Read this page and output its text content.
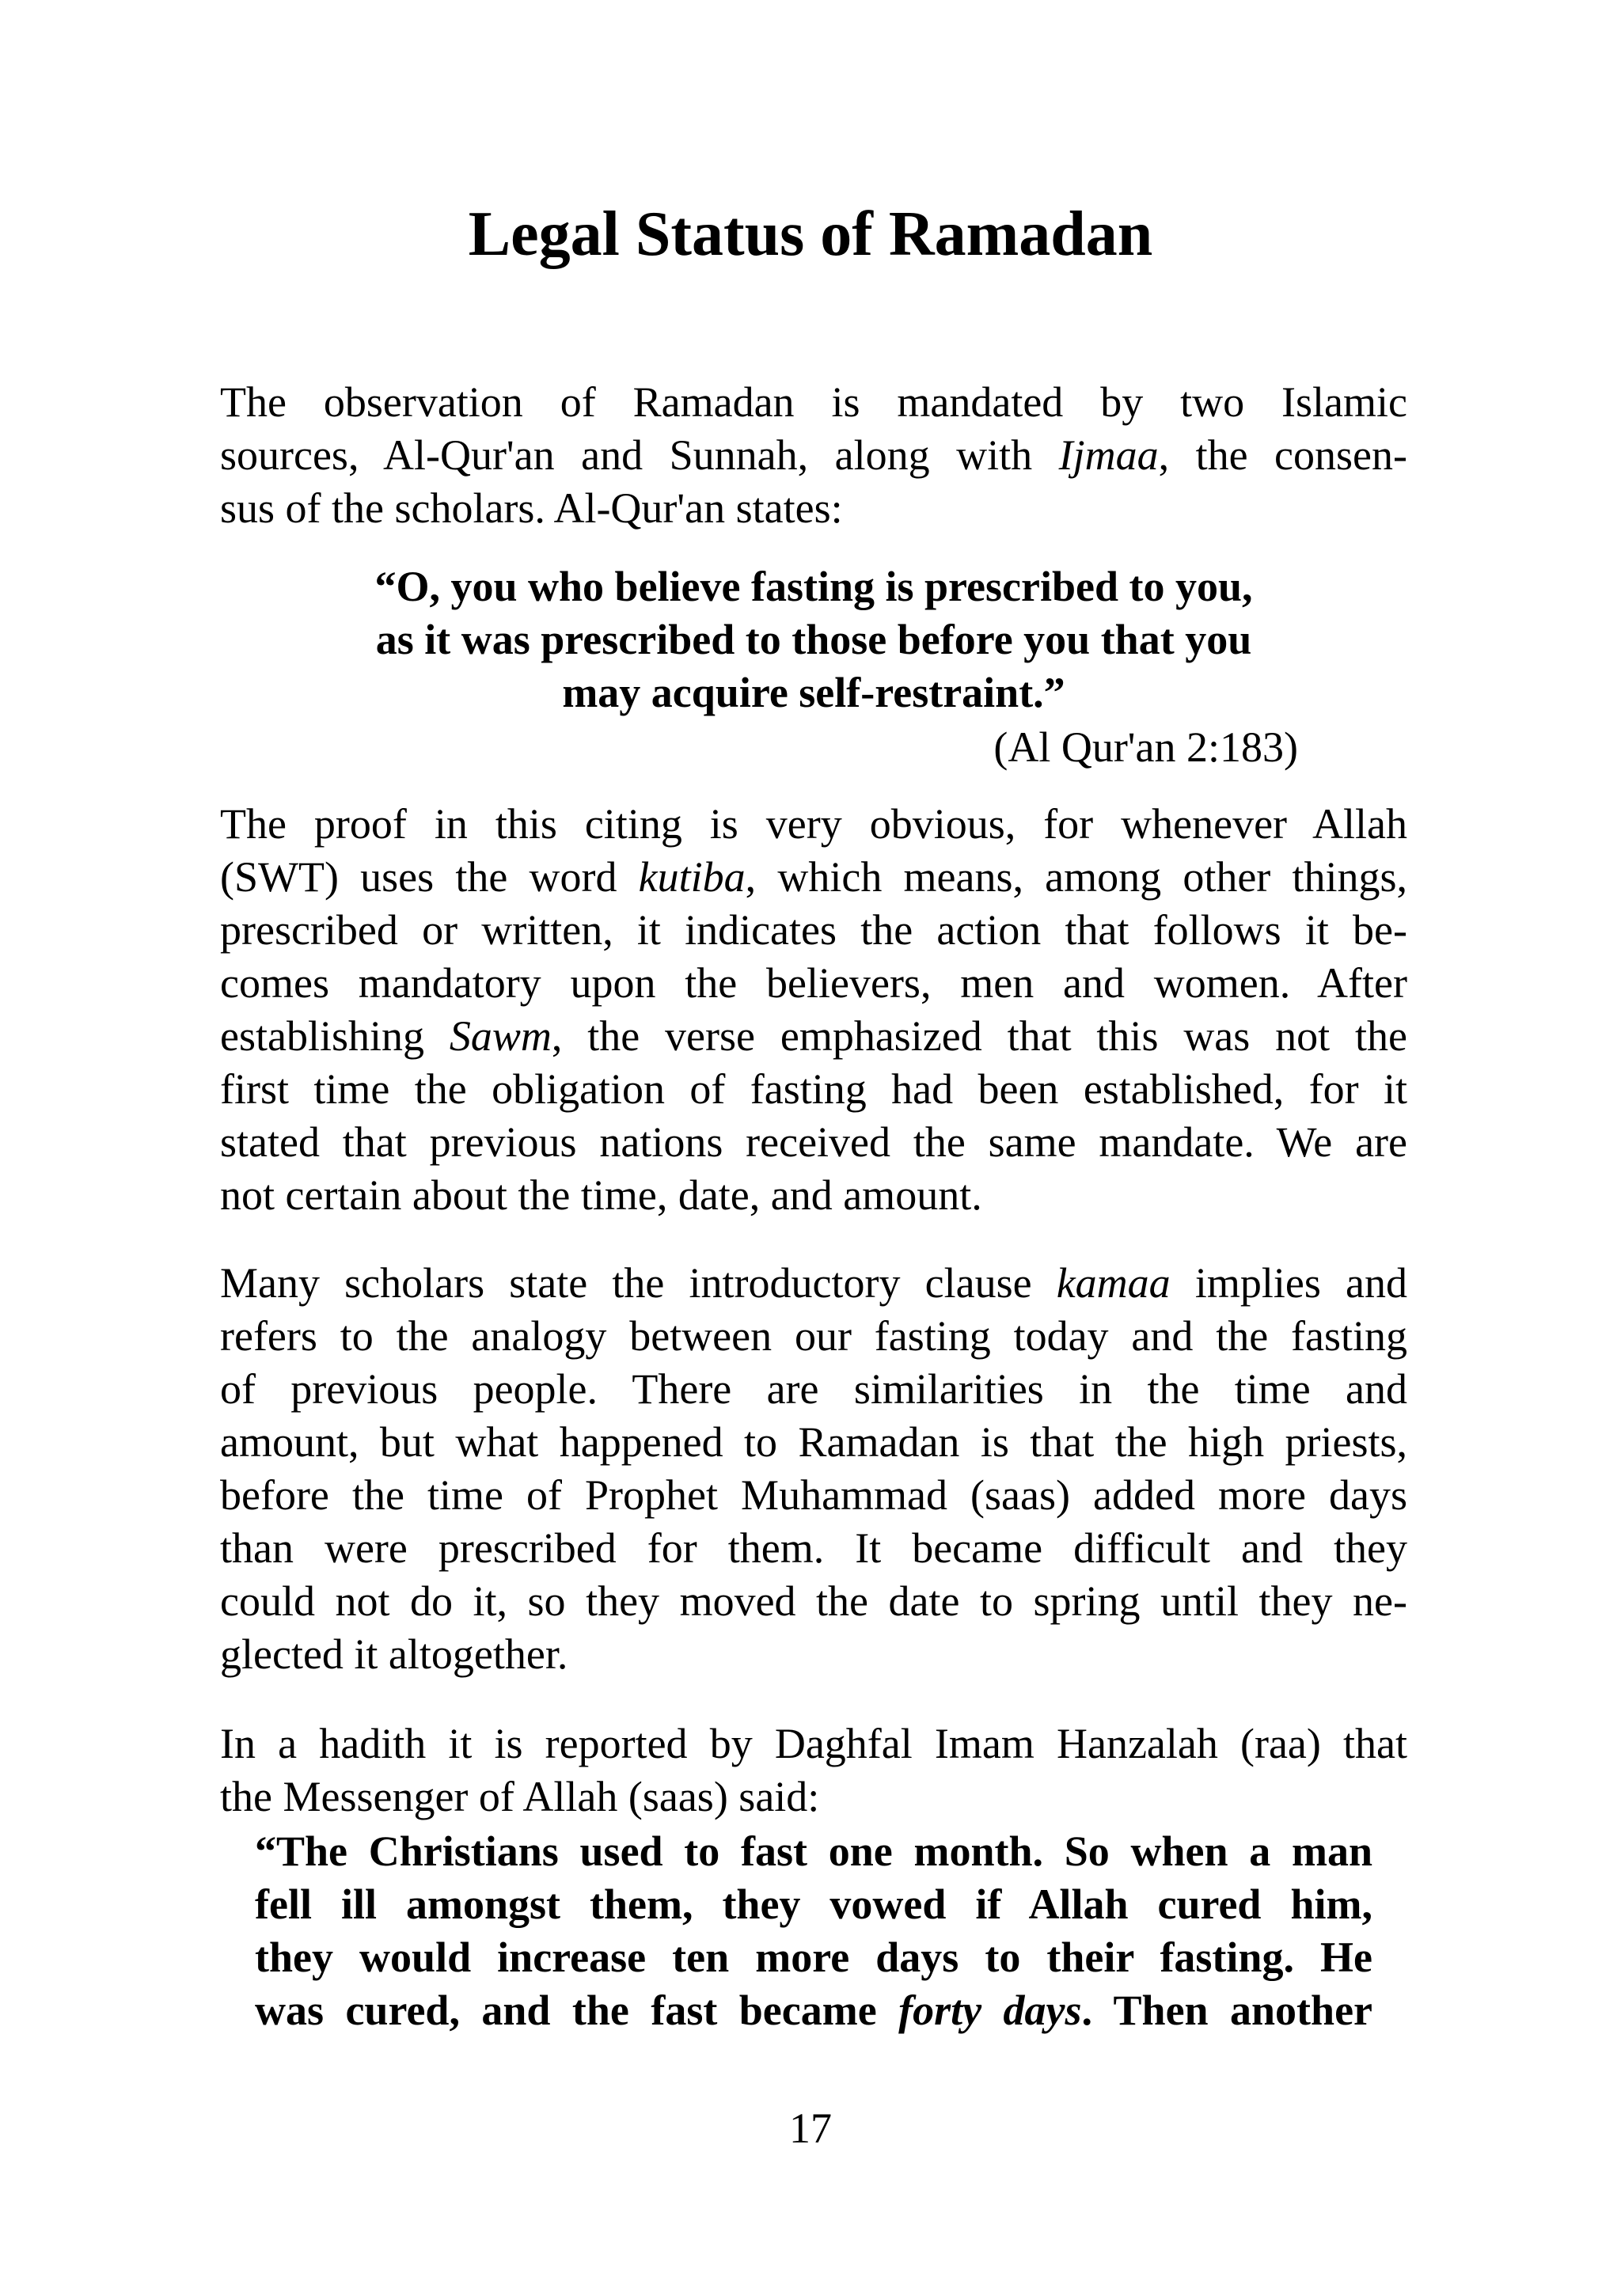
Legal Status of Ramadan
The observation of Ramadan is mandated by two Islamic
sources, Al-Qur'an and Sunnah, along with Ijmaa, the consen-
sus of the scholars. Al-Qur'an states:
“O, you who believe fasting is prescribed to you,
as it was prescribed to those before you that you
may acquire self-restraint.”
(Al Qur'an 2:183)
The proof in this citing is very obvious, for whenever Allah
(SWT) uses the word kutiba, which means, among other things,
prescribed or written, it indicates the action that follows it be-
comes mandatory upon the believers, men and women. After
establishing Sawm, the verse emphasized that this was not the
first time the obligation of fasting had been established, for it
stated that previous nations received the same mandate. We are
not certain about the time, date, and amount.
Many scholars state the introductory clause kamaa implies and
refers to the analogy between our fasting today and the fasting
of previous people. There are similarities in the time and
amount, but what happened to Ramadan is that the high priests,
before the time of Prophet Muhammad (saas) added more days
than were prescribed for them. It became difficult and they
could not do it, so they moved the date to spring until they ne-
glected it altogether.
In a hadith it is reported by Daghfal Imam Hanzalah (raa) that
the Messenger of Allah (saas) said:
“The Christians used to fast one month. So when a man
fell ill amongst them, they vowed if Allah cured him,
they would increase ten more days to their fasting. He
was cured, and the fast became forty days. Then another
17
